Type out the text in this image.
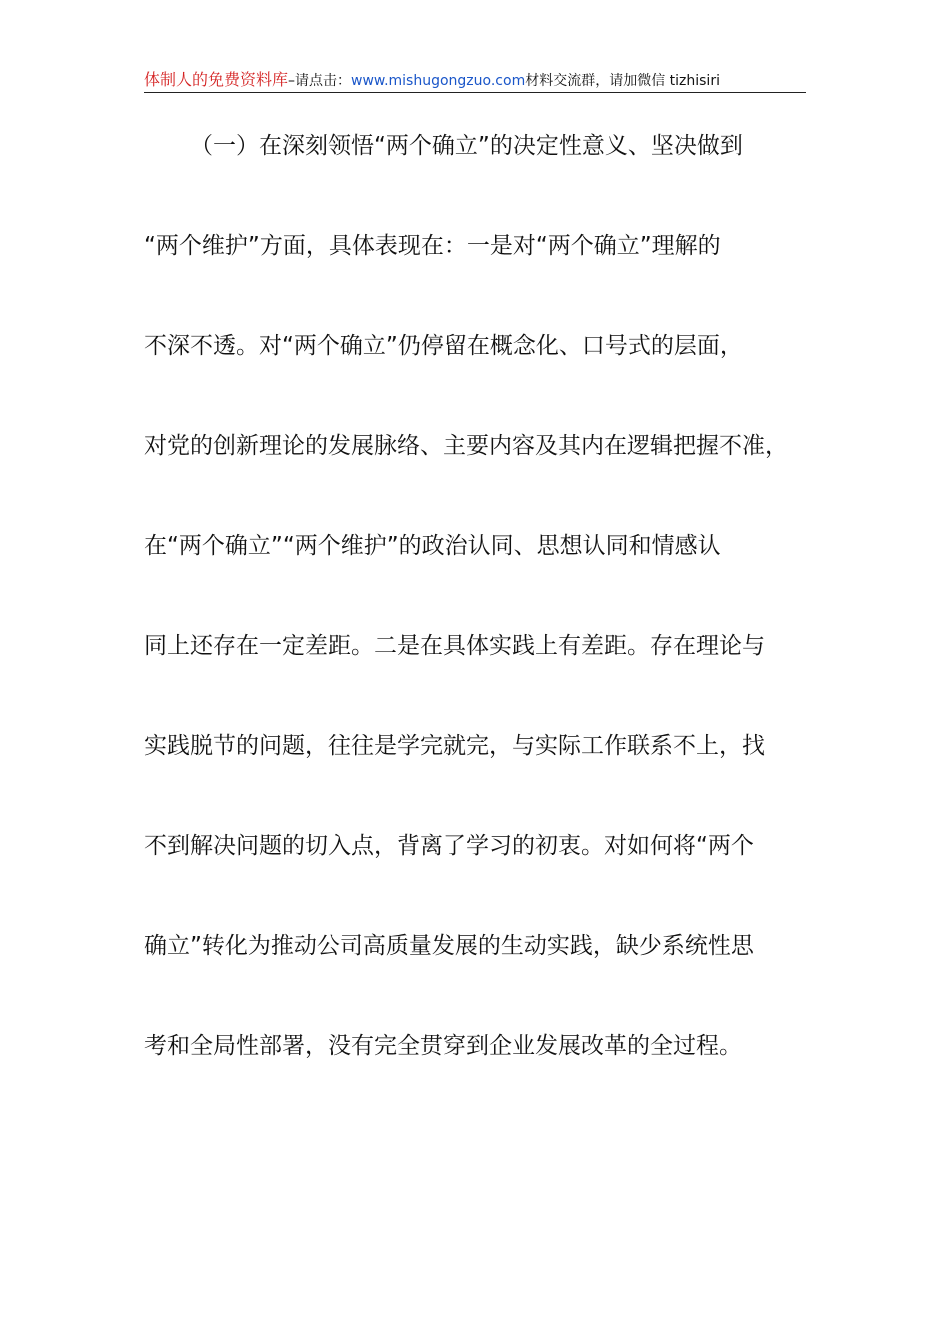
体制人的免费资料库–请点击：www.mishugongzuo.com材料交流群，请加微信 tizhisiri
（一）在深刻领悟“两个确立”的决定性意义、坚决做到
“两个维护”方面，具体表现在：一是对“两个确立”理解的
不深不透。对“两个确立”仍停留在概念化、口号式的层面，
对党的创新理论的发展脉络、主要内容及其内在逻辑把握不准，
在“两个确立”“两个维护”的政治认同、思想认同和情感认
同上还存在一定差距。二是在具体实践上有差距。存在理论与
实践脱节的问题，往往是学完就完，与实际工作联系不上，找
不到解决问题的切入点，背离了学习的初衷。对如何将“两个
确立”转化为推动公司高质量发展的生动实践，缺少系统性思
考和全局性部署，没有完全贯穿到企业发展改革的全过程。
